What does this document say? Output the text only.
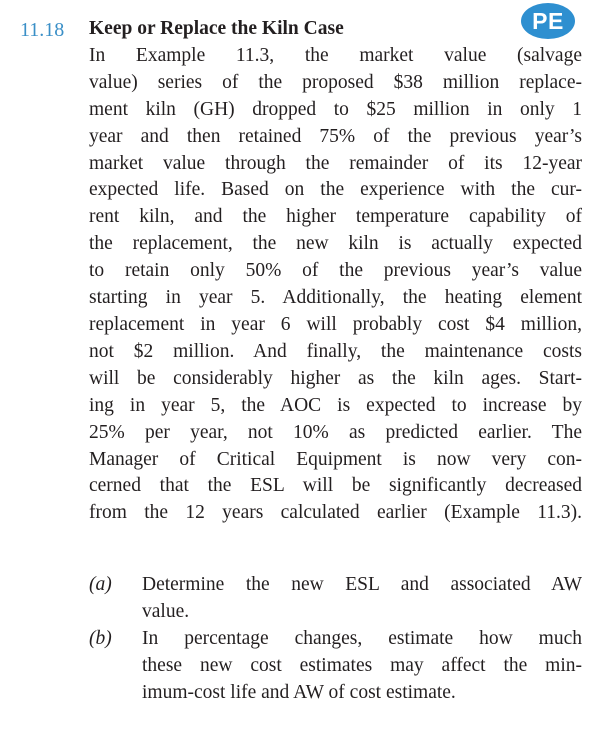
11.18	PE
Keep or Replace the Kiln Case
In Example 11.3, the market value (salvage
value) series of the proposed $38 million replace-
ment kiln (GH) dropped to $25 million in only 1
year and then retained 75% of the previous year’s
market value through the remainder of its 12-year
expected life. Based on the experience with the cur-
rent kiln, and the higher temperature capability of
the replacement, the new kiln is actually expected
to retain only 50% of the previous year’s value
starting in year 5. Additionally, the heating element
replacement in year 6 will probably cost $4 million,
not $2 million. And finally, the maintenance costs
will be considerably higher as the kiln ages. Start-
ing in year 5, the AOC is expected to increase by
25% per year, not 10% as predicted earlier. The
Manager of Critical Equipment is now very con-
cerned that the ESL will be significantly decreased
from the 12 years calculated earlier (Example 11.3).
(a) Determine the new ESL and associated AW
value.
(b) In percentage changes, estimate how much
these new cost estimates may affect the min-
imum-cost life and AW of cost estimate.
